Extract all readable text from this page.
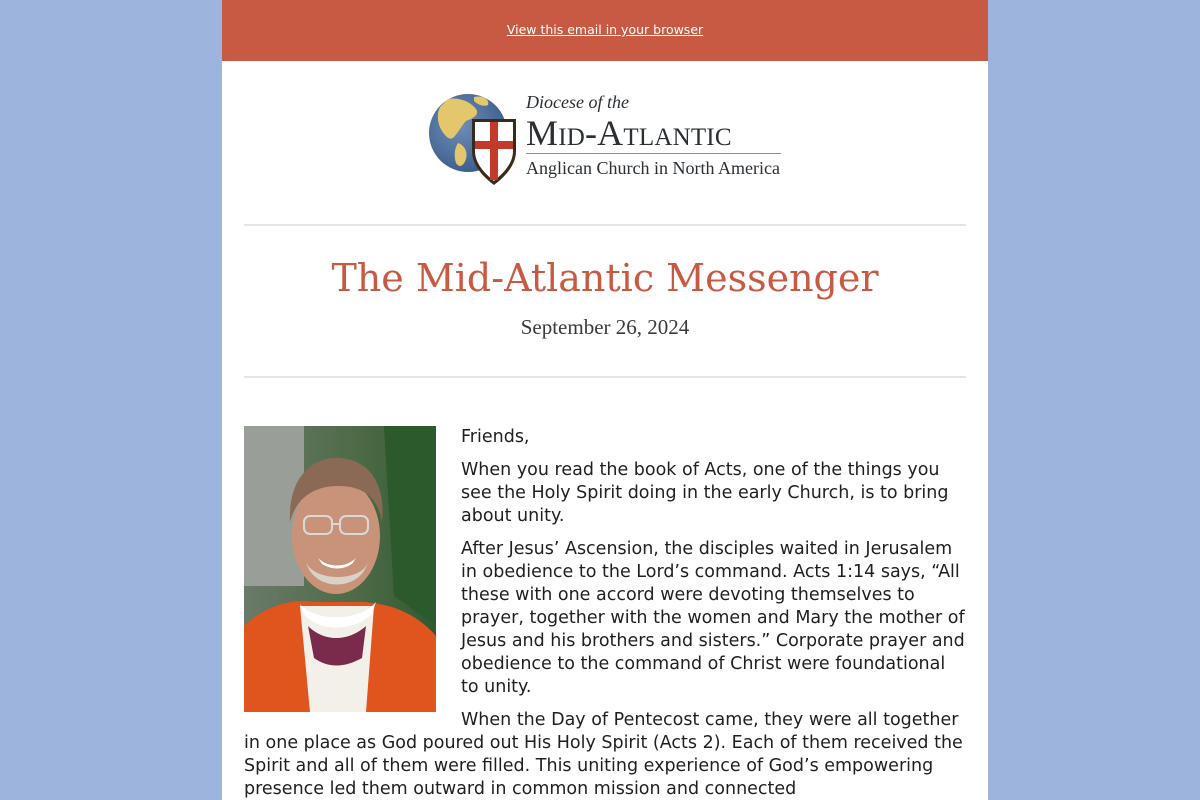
View this email in your browser
Diocese of the
Mid-Atlantic
Anglican Church in North America
The Mid-Atlantic Messenger
September 26, 2024

Friends,

When you read the book of Acts, one of the things you see the Holy Spirit doing in the early Church, is to bring about unity.

After Jesus’ Ascension, the disciples waited in Jerusalem in obedience to the Lord’s command. Acts 1:14 says, “All these with one accord were devoting themselves to prayer, together with the women and Mary the mother of Jesus and his brothers and sisters.” Corporate prayer and obedience to the command of Christ were foundational to unity.

When the Day of Pentecost came, they were all together in one place as God poured out His Holy Spirit (Acts 2). Each of them received the Spirit and all of them were filled. This uniting experience of God’s empowering presence led them outward in common mission and connected
